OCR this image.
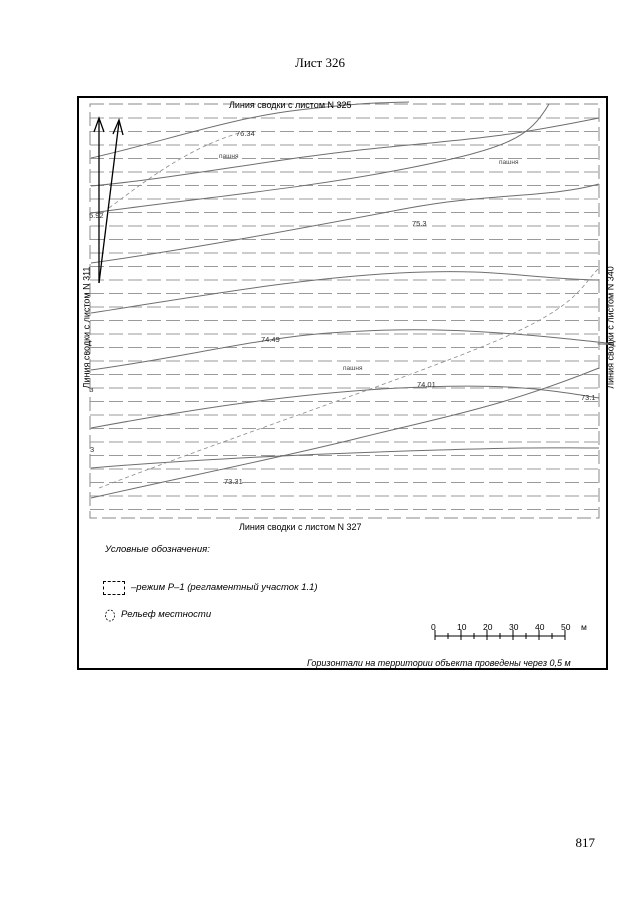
Лист 326
Линия сводки с листом N 325
Линия сводки с листом N 327
Линия сводки с листом N 311	Линия сводки с листом N 340
76.34
5.92
75.3
74.49
74.01
73.1
73.31
3
з
пашня
пашня
пашня
Условные обозначения:
–режим Р–1 (регламентный участок 1.1)
Рельеф местности
0	10 20 30 40 50 м
Горизонтали на территории объекта проведены через 0,5 м
817
